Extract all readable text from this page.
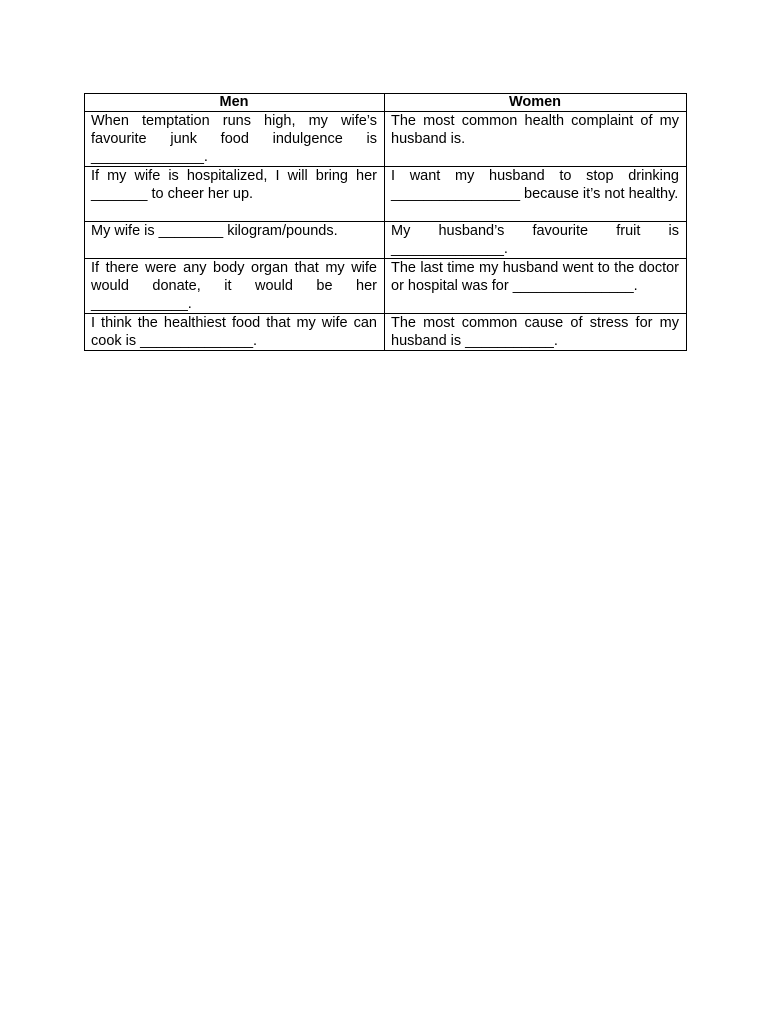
Men	Women
When temptation runs high, my wife’s favourite junk food indulgence is ______________.	The most common health complaint of my husband is.
If my wife is hospitalized, I will bring her _______ to cheer her up.	I want my husband to stop drinking ________________ because it’s not healthy.
My wife is ________ kilogram/pounds.	My husband’s favourite fruit is ______________.
If there were any body organ that my wife would donate, it would be her ____________.	The last time my husband went to the doctor or hospital was for _______________.
I think the healthiest food that my wife can cook is ______________.	The most common cause of stress for my husband is ___________.
